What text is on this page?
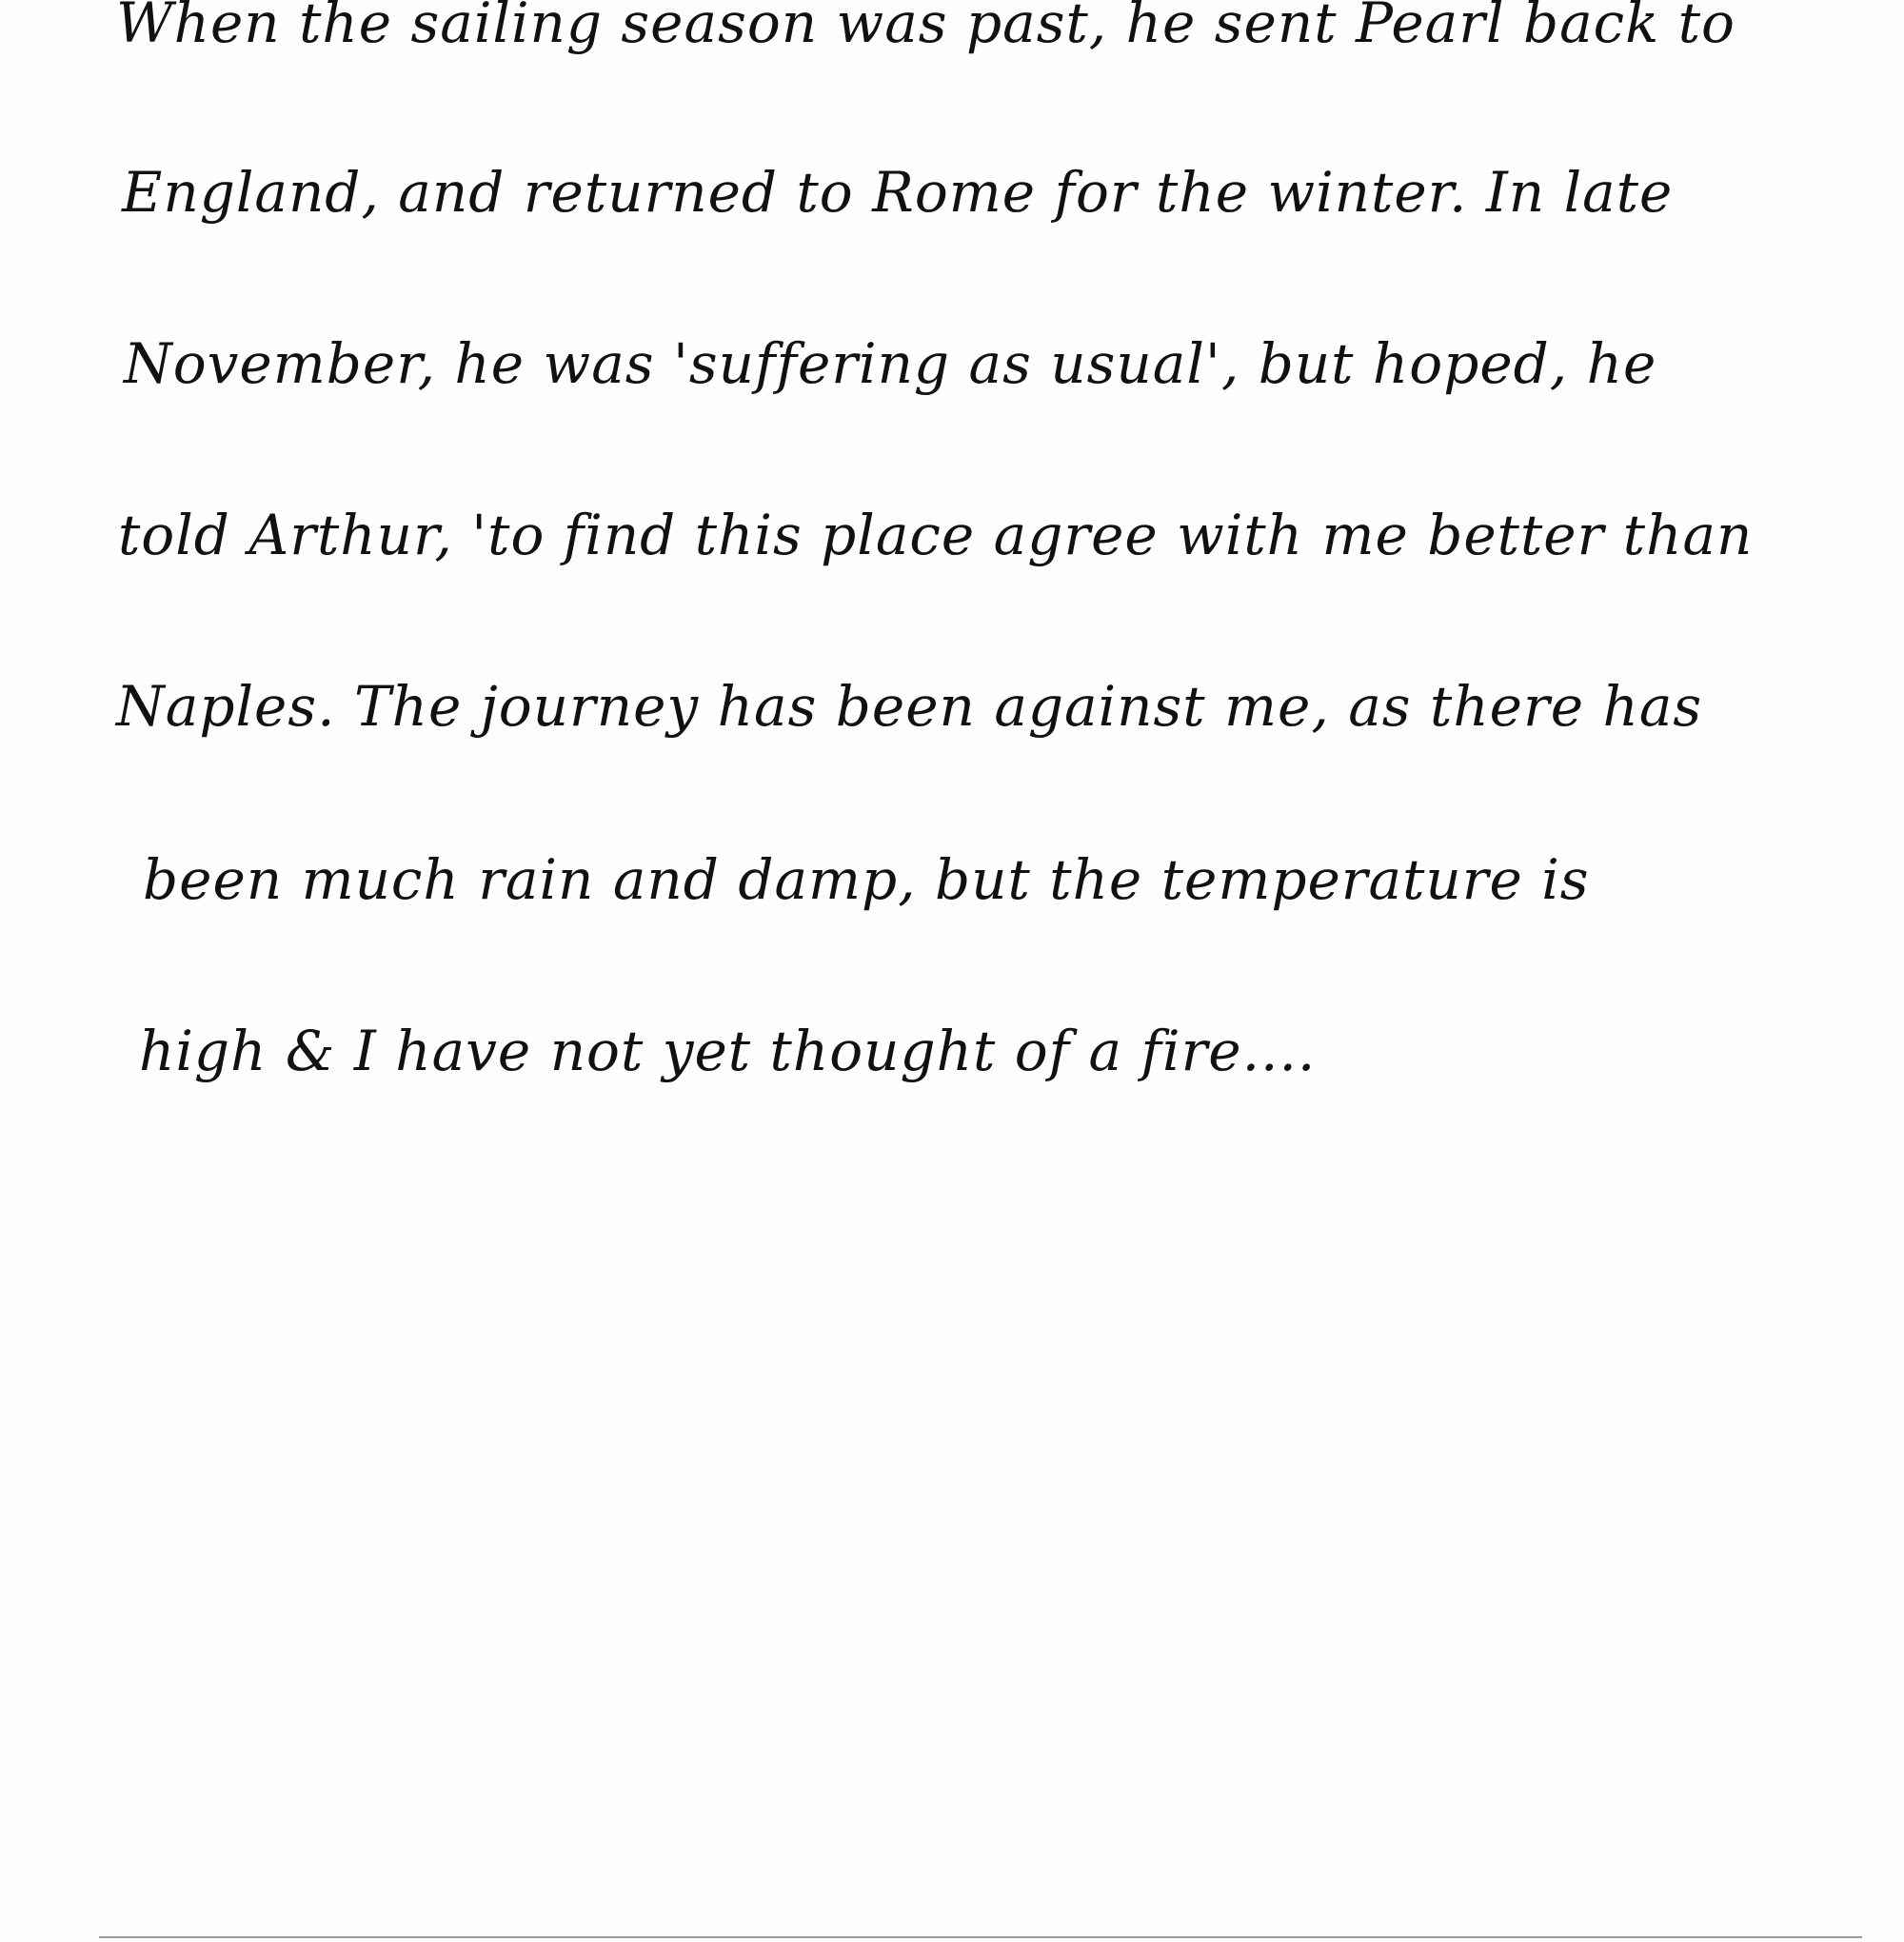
When the sailing season was past, he sent Pearl back to

England, and returned to Rome for the winter. In late

November, he was 'suffering as usual', but hoped, he

told Arthur, 'to find this place agree with me better than

Naples. The journey has been against me, as there has

been much rain and damp, but the temperature is

high & I have not yet thought of a fire....
